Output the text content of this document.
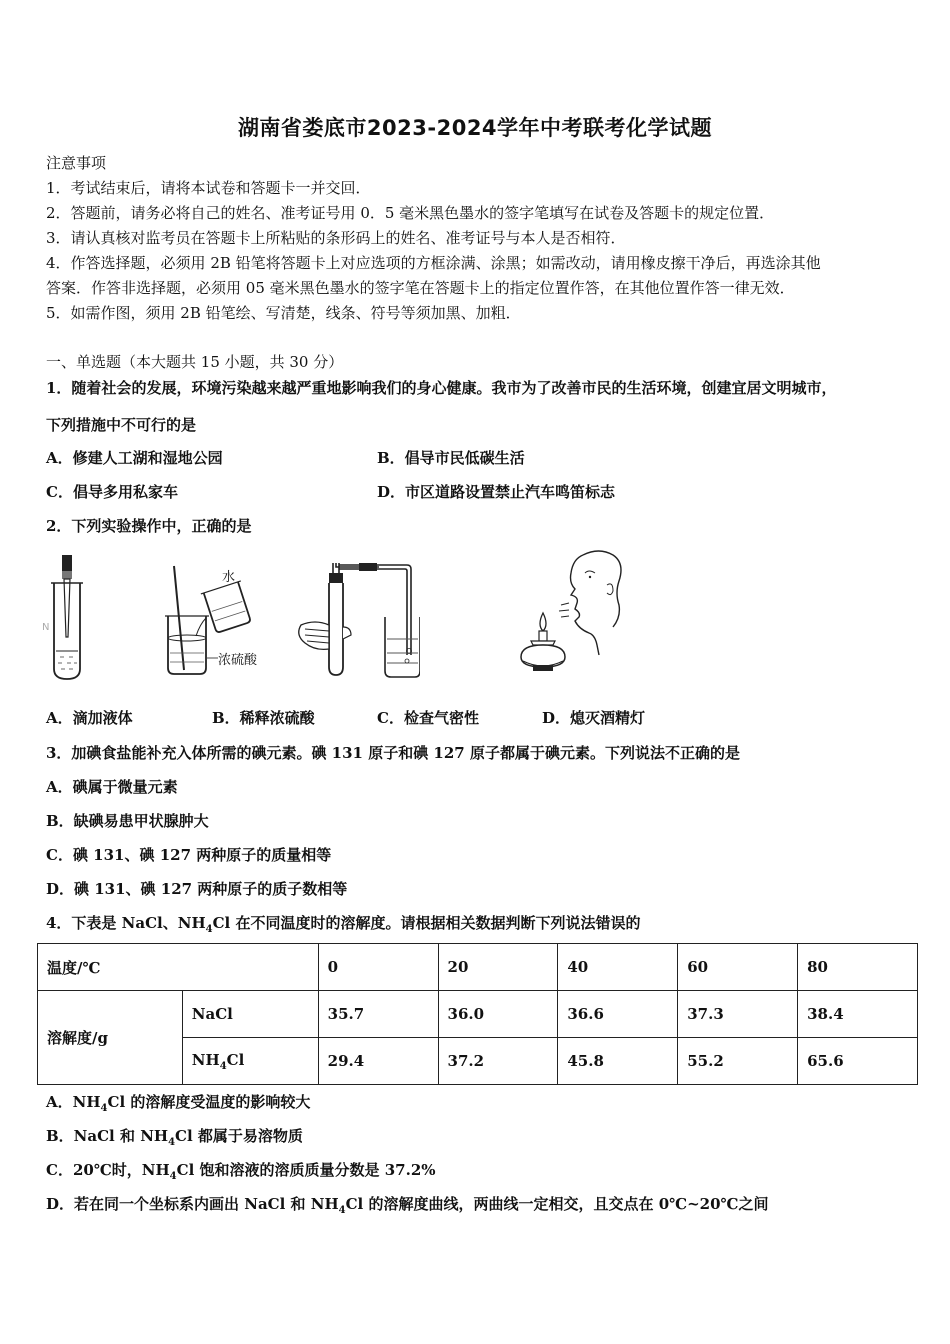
湖南省娄底市2023-2024学年中考联考化学试题
注意事项
1．考试结束后，请将本试卷和答题卡一并交回．
2．答题前，请务必将自己的姓名、准考证号用 0．5 毫米黑色墨水的签字笔填写在试卷及答题卡的规定位置．
3．请认真核对监考员在答题卡上所粘贴的条形码上的姓名、准考证号与本人是否相符．
4．作答选择题，必须用 2B 铅笔将答题卡上对应选项的方框涂满、涂黑；如需改动，请用橡皮擦干净后，再选涂其他
答案．作答非选择题，必须用 05 毫米黑色墨水的签字笔在答题卡上的指定位置作答，在其他位置作答一律无效．
5．如需作图，须用 2B 铅笔绘、写清楚，线条、符号等须加黑、加粗．
一、单选题（本大题共 15 小题，共 30 分）
1．随着社会的发展，环境污染越来越严重地影响我们的身心健康。我市为了改善市民的生活环境，创建宜居文明城市，
下列措施中不可行的是
A．修建人工湖和湿地公园	B．倡导市民低碳生活
C．倡导多用私家车	D．市区道路设置禁止汽车鸣笛标志
2．下列实验操作中，正确的是
N
水
浓硫酸
A．滴加液体	B．稀释浓硫酸	C．检查气密性	D．熄灭酒精灯
3．加碘食盐能补充入体所需的碘元素。碘 131 原子和碘 127 原子都属于碘元素。下列说法不正确的是
A．碘属于微量元素
B．缺碘易患甲状腺肿大
C．碘 131、碘 127 两种原子的质量相等
D．碘 131、碘 127 两种原子的质子数相等
4．下表是 NaCl、$NH_4Cl$ 在不同温度时的溶解度。请根据相关数据判断下列说法错误的
温度/℃		0	20	40	60	80
溶解度/g	NaCl	35.7	36.0	36.6	37.3	38.4
	$NH_4Cl$	29.4	37.2	45.8	55.2	65.6
A．$NH_4Cl$ 的溶解度受温度的影响较大
B．NaCl 和 $NH_4Cl$ 都属于易溶物质
C．20℃时，$NH_4Cl$ 饱和溶液的溶质质量分数是 37.2%
D．若在同一个坐标系内画出 NaCl 和 $NH_4Cl$ 的溶解度曲线，两曲线一定相交，且交点在 0℃~20℃之间
